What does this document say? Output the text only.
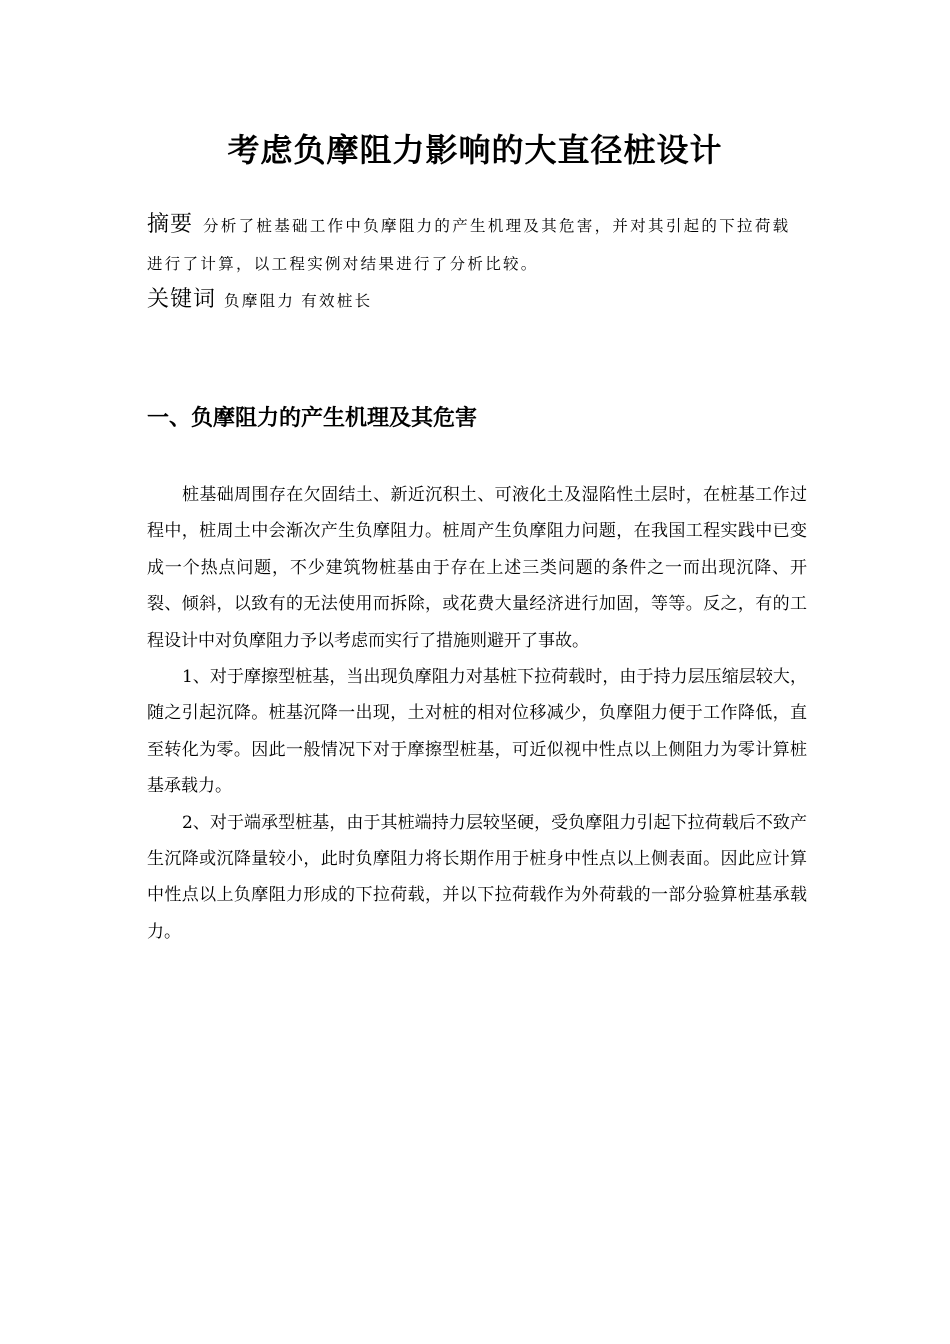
考虑负摩阻力影响的大直径桩设计
摘要 分析了桩基础工作中负摩阻力的产生机理及其危害，并对其引起的下拉荷载进行了计算，以工程实例对结果进行了分析比较。
关键词 负摩阻力 有效桩长
一、负摩阻力的产生机理及其危害

桩基础周围存在欠固结土、新近沉积土、可液化土及湿陷性土层时，在桩基工作过程中，桩周土中会渐次产生负摩阻力。桩周产生负摩阻力问题，在我国工程实践中已变成一个热点问题，不少建筑物桩基由于存在上述三类问题的条件之一而出现沉降、开裂、倾斜，以致有的无法使用而拆除，或花费大量经济进行加固，等等。反之，有的工程设计中对负摩阻力予以考虑而实行了措施则避开了事故。

1、对于摩擦型桩基，当出现负摩阻力对基桩下拉荷载时，由于持力层压缩层较大，随之引起沉降。桩基沉降一出现，土对桩的相对位移减少，负摩阻力便于工作降低，直至转化为零。因此一般情况下对于摩擦型桩基，可近似视中性点以上侧阻力为零计算桩基承载力。

2、对于端承型桩基，由于其桩端持力层较坚硬，受负摩阻力引起下拉荷载后不致产生沉降或沉降量较小，此时负摩阻力将长期作用于桩身中性点以上侧表面。因此应计算中性点以上负摩阻力形成的下拉荷载，并以下拉荷载作为外荷载的一部分验算桩基承载力。
